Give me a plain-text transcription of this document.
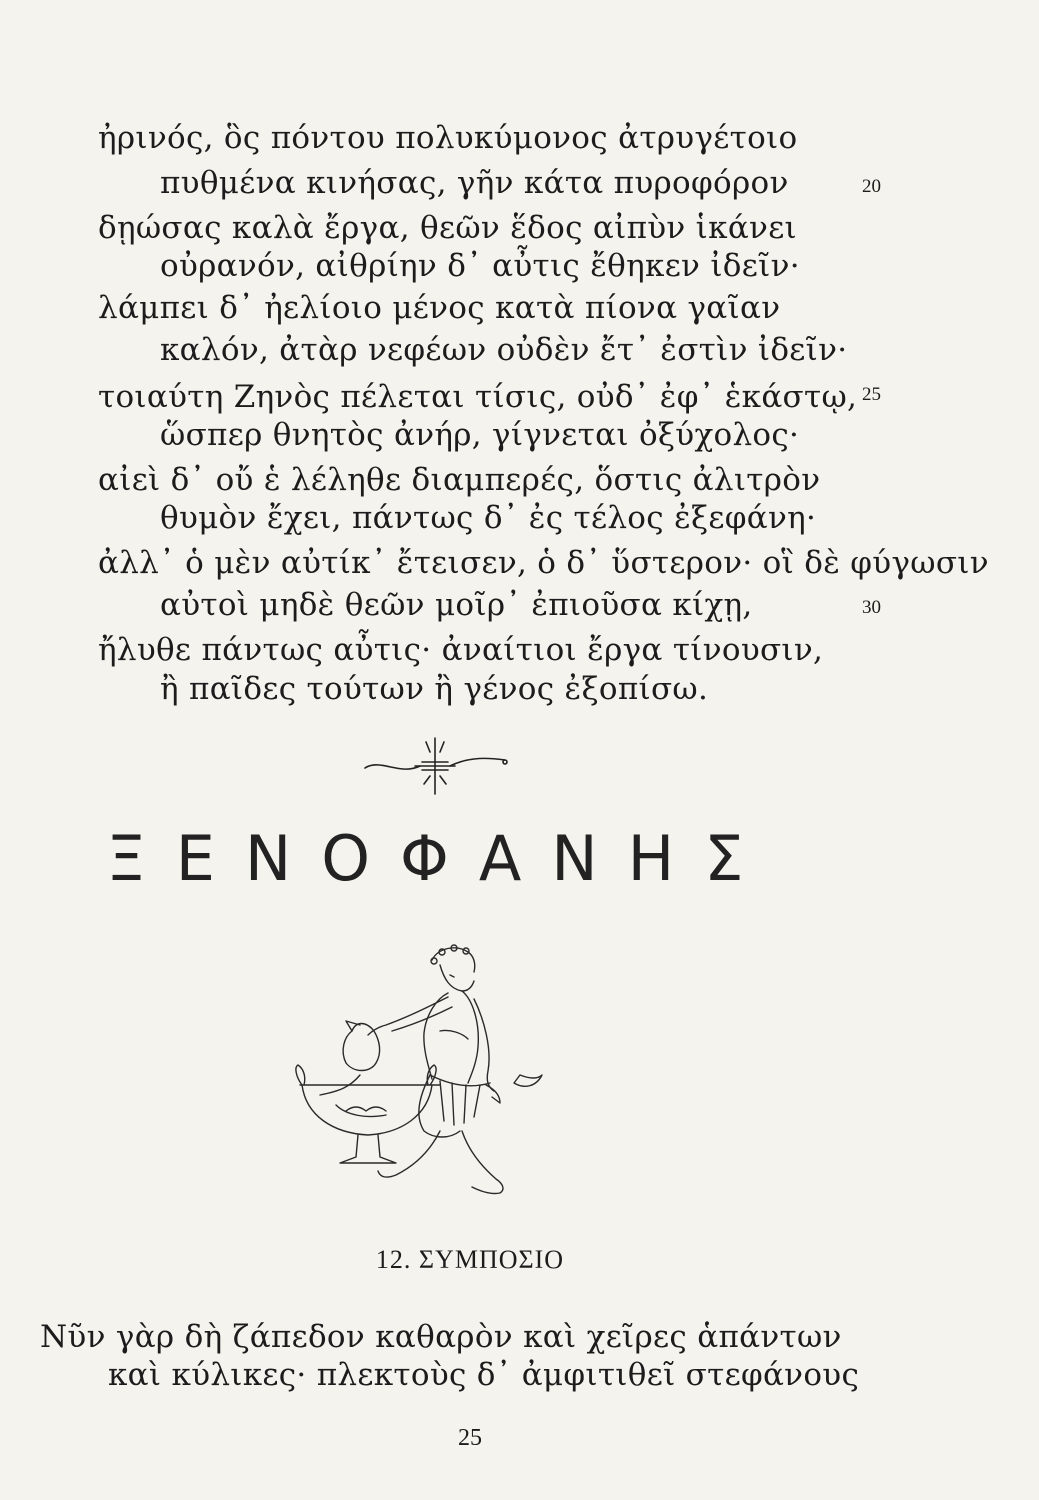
ἠρινός, ὃς πόντου πολυκύμονος ἀτρυγέτοιο
πυθμένα κινήσας, γῆν κάτα πυροφόρον	20
δῃώσας καλὰ ἔργα, θεῶν ἕδος αἰπὺν ἱκάνει
οὐρανόν, αἰθρίην δ᾽ αὖτις ἔθηκεν ἰδεῖν·
λάμπει δ᾽ ἠελίοιο μένος κατὰ πίονα γαῖαν
καλόν, ἀτὰρ νεφέων οὐδὲν ἔτ᾽ ἐστὶν ἰδεῖν·
τοιαύτη Ζηνὸς πέλεται τίσις, οὐδ᾽ ἐφ᾽ ἑκάστῳ, 25
ὥσπερ θνητὸς ἀνήρ, γίγνεται ὀξύχολος·
αἰεὶ δ᾽ οὔ ἑ λέληθε διαμπερές, ὅστις ἀλιτρὸν
θυμὸν ἔχει, πάντως δ᾽ ἐς τέλος ἐξεφάνη·
ἀλλ᾽ ὁ μὲν αὐτίκ᾽ ἔτεισεν, ὁ δ᾽ ὕστερον· οἳ δὲ φύγωσιν
αὐτοὶ μηδὲ θεῶν μοῖρ᾽ ἐπιοῦσα κίχῃ,	30
ἤλυθε πάντως αὖτις· ἀναίτιοι ἔργα τίνουσιν,
ἢ παῖδες τούτων ἢ γένος ἐξοπίσω.
ΞΕΝΟΦΑΝΗΣ
12. ΣΥΜΠΟΣΙΟ
Νῦν γὰρ δὴ ζάπεδον καθαρὸν καὶ χεῖρες ἁπάντων
καὶ κύλικες· πλεκτοὺς δ᾽ ἀμφιτιθεῖ στεφάνους
25
